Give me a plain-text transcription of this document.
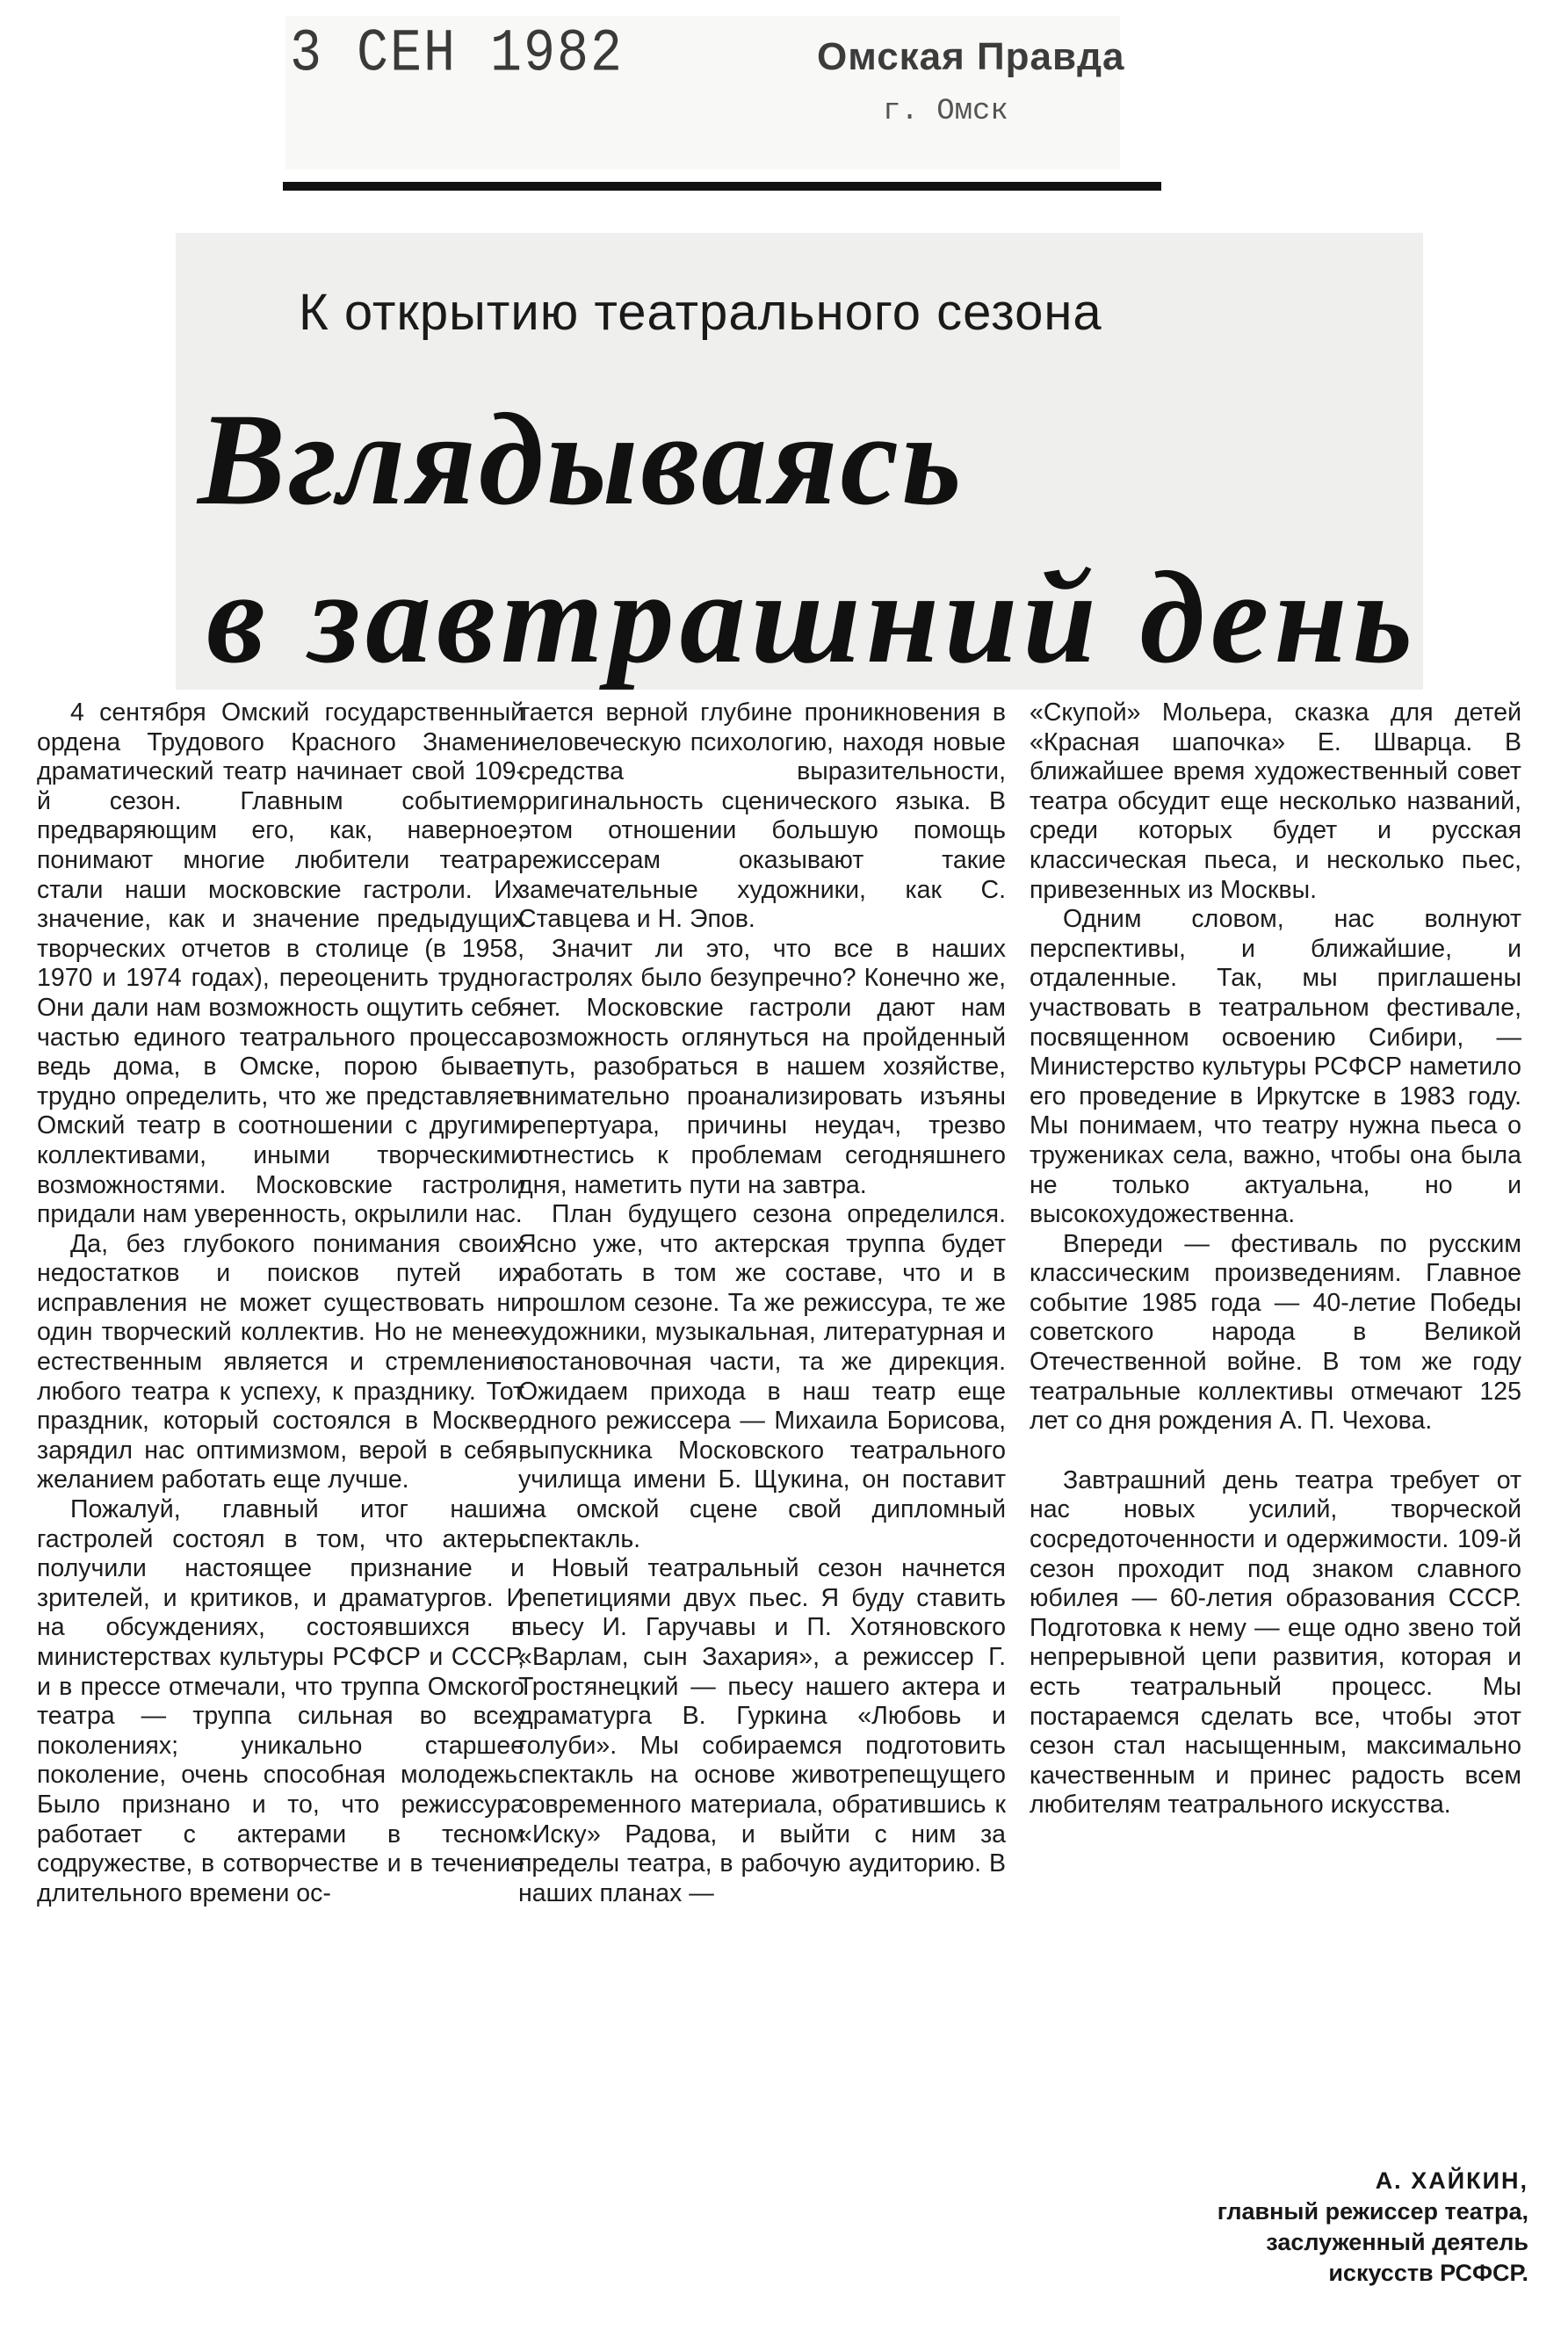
3 СЕН 1982	Омская Правда
г. Омск
К открытию театрального сезона
Вглядываясь
в завтрашний день

4 сентября Омский государственный ордена Трудового Красного Знамени драматический театр начинает свой 109-й сезон. Главным событием, предваряющим его, как, наверное, понимают многие любители театра, стали наши московские гастроли. Их значение, как и значение предыдущих творческих отчетов в столице (в 1958, 1970 и 1974 годах), переоценить трудно. Они дали нам возможность ощутить себя частью единого театрального процесса, ведь дома, в Омске, порою бывает трудно определить, что же представляет Омский театр в соотношении с другими коллективами, иными творческими возможностями. Московские гастроли придали нам уверенность, окрылили нас.

Да, без глубокого понимания своих недостатков и поисков путей их исправления не может существовать ни один творческий коллектив. Но не менее естественным является и стремление любого театра к успеху, к празднику. Тот праздник, который состоялся в Москве, зарядил нас оптимизмом, верой в себя, желанием работать еще лучше.

Пожалуй, главный итог наших гастролей состоял в том, что актеры получили настоящее признание и зрителей, и критиков, и драматургов. И на обсуждениях, состоявшихся в министерствах культуры РСФСР и СССР, и в прессе отмечали, что труппа Омского театра — труппа сильная во всех поколениях; уникально старшее поколение, очень способная молодежь. Было признано и то, что режиссура работает с актерами в тесном содружестве, в сотворчестве и в течение длительного времени ос-

тается верной глубине проникновения в человеческую психологию, находя новые средства выразительности, оригинальность сценического языка. В этом отношении большую помощь режиссерам оказывают такие замечательные художники, как С. Ставцева и Н. Эпов.

Значит ли это, что все в наших гастролях было безупречно? Конечно же, нет. Московские гастроли дают нам возможность оглянуться на пройденный путь, разобраться в нашем хозяйстве, внимательно проанализировать изъяны репертуара, причины неудач, трезво отнестись к проблемам сегодняшнего дня, наметить пути на завтра.

План будущего сезона определился. Ясно уже, что актерская труппа будет работать в том же составе, что и в прошлом сезоне. Та же режиссура, те же художники, музыкальная, литературная и постановочная части, та же дирекция. Ожидаем прихода в наш театр еще одного режиссера — Михаила Борисова, выпускника Московского театрального училища имени Б. Щукина, он поставит на омской сцене свой дипломный спектакль.

Новый театральный сезон начнется репетициями двух пьес. Я буду ставить пьесу И. Гаручавы и П. Хотяновского «Варлам, сын Захария», а режиссер Г. Тростянецкий — пьесу нашего актера и драматурга В. Гуркина «Любовь и голуби». Мы собираемся подготовить спектакль на основе животрепещущего современного материала, обратившись к «Иску» Радова, и выйти с ним за пределы театра, в рабочую аудиторию. В наших планах —

«Скупой» Мольера, сказка для детей «Красная шапочка» Е. Шварца. В ближайшее время художественный совет театра обсудит еще несколько названий, среди которых будет и русская классическая пьеса, и несколько пьес, привезенных из Москвы.

Одним словом, нас волнуют перспективы, и ближайшие, и отдаленные. Так, мы приглашены участвовать в театральном фестивале, посвященном освоению Сибири, — Министерство культуры РСФСР наметило его проведение в Иркутске в 1983 году. Мы понимаем, что театру нужна пьеса о тружениках села, важно, чтобы она была не только актуальна, но и высокохудожественна.

Впереди — фестиваль по русским классическим произведениям. Главное событие 1985 года — 40-летие Победы советского народа в Великой Отечественной войне. В том же году театральные коллективы отмечают 125 лет со дня рождения А. П. Чехова.

Завтрашний день театра требует от нас новых усилий, творческой сосредоточенности и одержимости. 109-й сезон проходит под знаком славного юбилея — 60-летия образования СССР. Подготовка к нему — еще одно звено той непрерывной цепи развития, которая и есть театральный процесс. Мы постараемся сделать все, чтобы этот сезон стал насыщенным, максимально качественным и принес радость всем любителям театрального искусства.

А. ХАЙКИН,
главный режиссер театра,
заслуженный деятель
искусств РСФСР.
